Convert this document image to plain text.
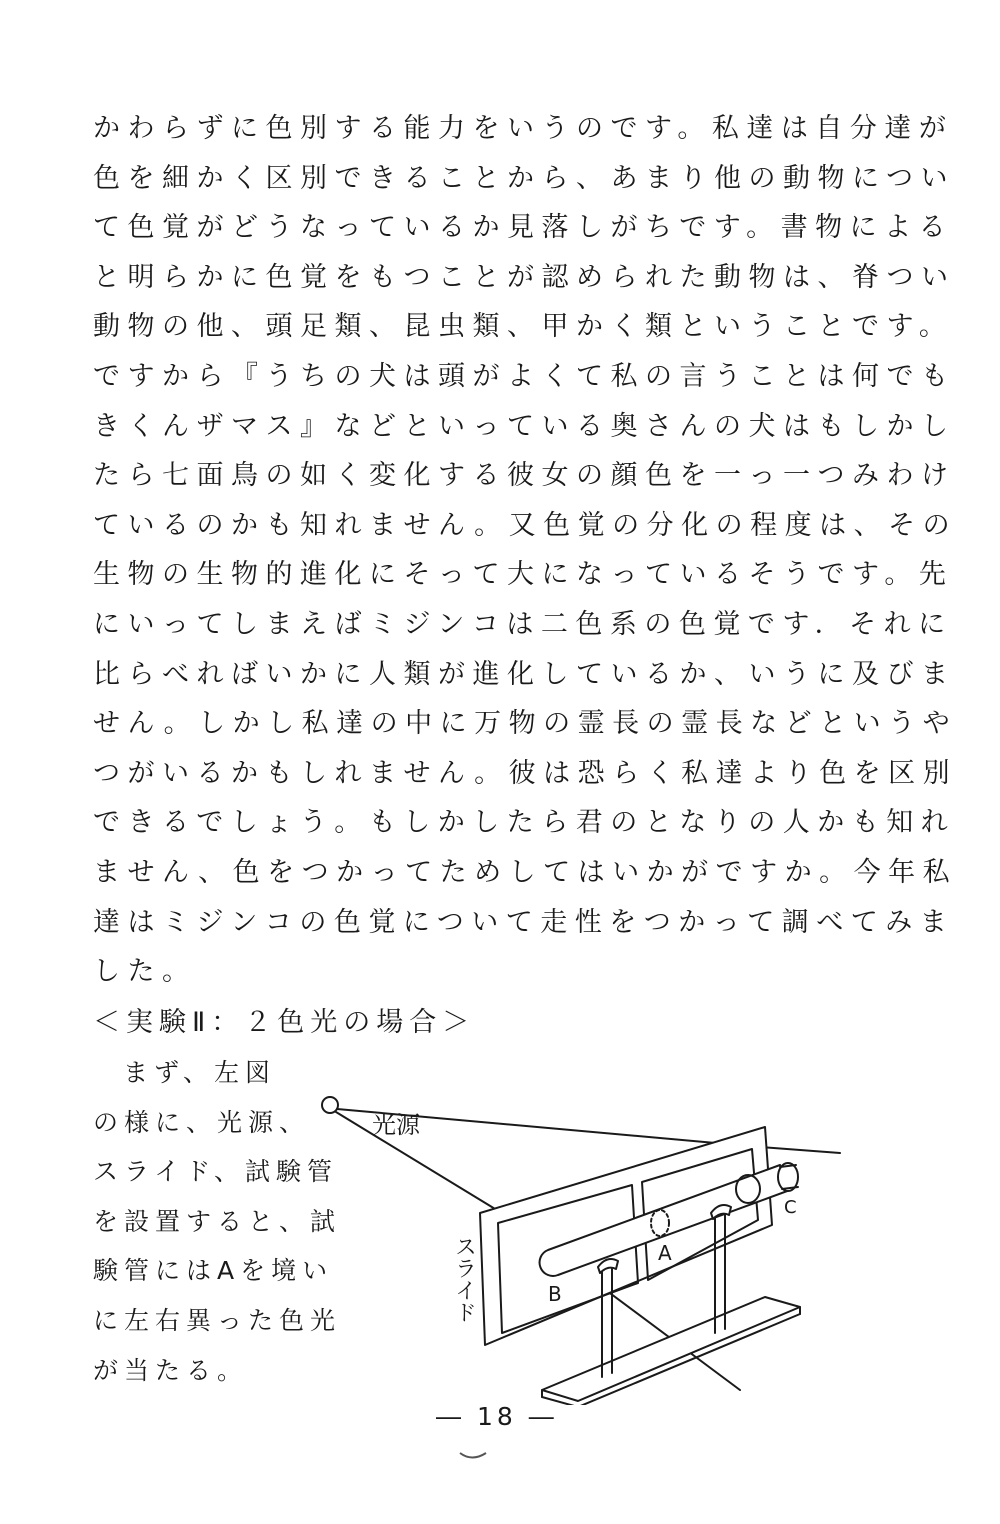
かわらずに色別する能力をいうのです。私達は自分達が
色を細かく区別できることから、あまり他の動物につい
て色覚がどうなっているか見落しがちです。書物による
と明らかに色覚をもつことが認められた動物は、脊つい
動物の他、頭足類、昆虫類、甲かく類ということです。
ですから『うちの犬は頭がよくて私の言うことは何でも
きくんザマス』などといっている奥さんの犬はもしかし
たら七面鳥の如く変化する彼女の顔色を一っ一つみわけ
ているのかも知れません。又色覚の分化の程度は、その
生物の生物的進化にそって大になっているそうです。先
にいってしまえばミジンコは二色系の色覚です．それに
比らべればいかに人類が進化しているか、いうに及びま
せん。しかし私達の中に万物の霊長の霊長などというや
つがいるかもしれません。彼は恐らく私達より色を区別
できるでしょう。もしかしたら君のとなりの人かも知れ
ません、色をつかってためしてはいかがですか。今年私
達はミジンコの色覚について走性をつかって調べてみま
した。
＜実験Ⅱ：２色光の場合＞
まず、左図
の様に、光源、
スライド、試験管
を設置すると、試
験管にはAを境い
に左右異った色光
が当たる。
光源
スライド	A
B
C
― 18 ―
